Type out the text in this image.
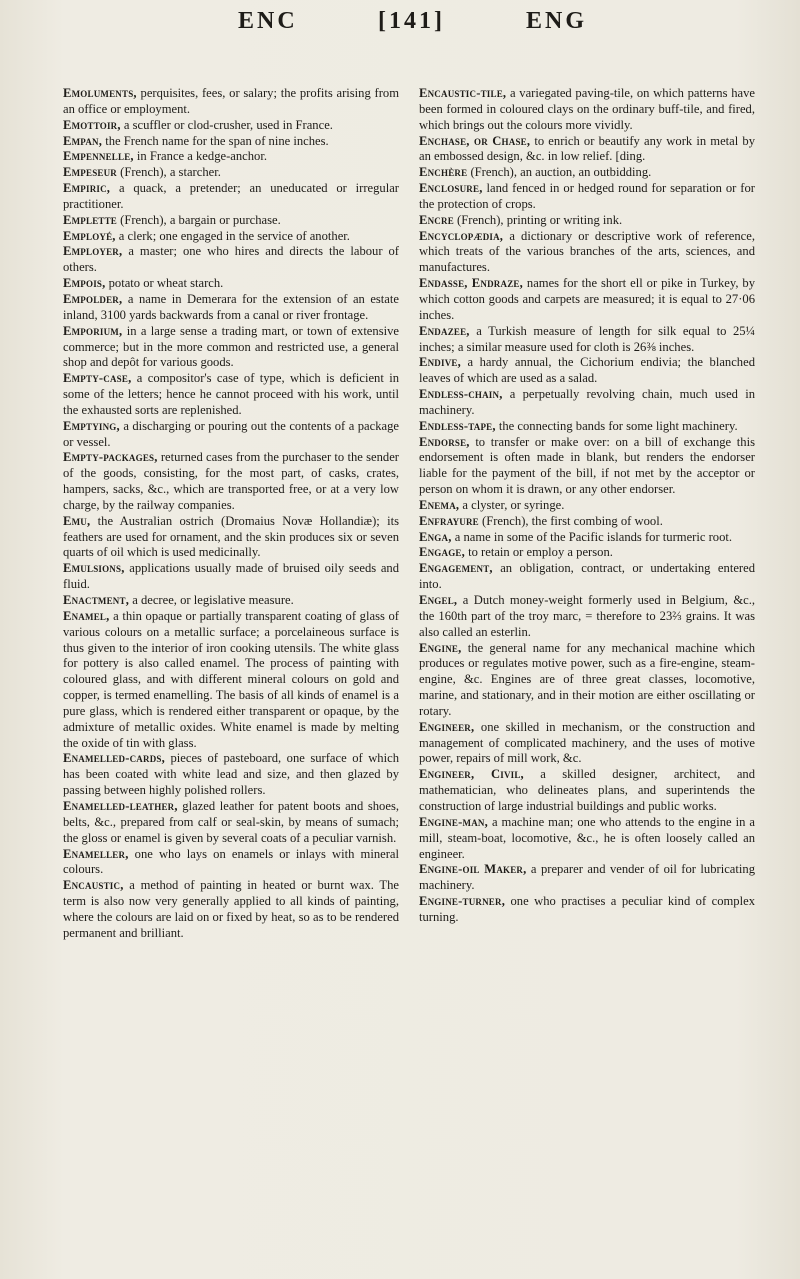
ENC	[141]	ENG

Emoluments, perquisites, fees, or salary; the profits arising from an office or employment.

Emottoir, a scuffler or clod-crusher, used in France.

Empan, the French name for the span of nine inches.

Empennelle, in France a kedge-anchor.

Empeseur (French), a starcher.

Empiric, a quack, a pretender; an uneducated or irregular practitioner.

Emplette (French), a bargain or purchase.

Employé, a clerk; one engaged in the service of another.

Employer, a master; one who hires and directs the labour of others.

Empois, potato or wheat starch.

Empolder, a name in Demerara for the extension of an estate inland, 3100 yards backwards from a canal or river frontage.

Emporium, in a large sense a trading mart, or town of extensive commerce; but in the more common and restricted use, a general shop and depôt for various goods.

Empty-case, a compositor's case of type, which is deficient in some of the letters; hence he cannot proceed with his work, until the exhausted sorts are replenished.

Emptying, a discharging or pouring out the contents of a package or vessel.

Empty-packages, returned cases from the purchaser to the sender of the goods, consisting, for the most part, of casks, crates, hampers, sacks, &c., which are transported free, or at a very low charge, by the railway companies.

Emu, the Australian ostrich (Dromaius Novæ Hollandiæ); its feathers are used for ornament, and the skin produces six or seven quarts of oil which is used medicinally.

Emulsions, applications usually made of bruised oily seeds and fluid.

Enactment, a decree, or legislative measure.

Enamel, a thin opaque or partially transparent coating of glass of various colours on a metallic surface; a porcelaineous surface is thus given to the interior of iron cooking utensils. The white glass for pottery is also called enamel. The process of painting with coloured glass, and with different mineral colours on gold and copper, is termed enamelling. The basis of all kinds of enamel is a pure glass, which is rendered either transparent or opaque, by the admixture of metallic oxides. White enamel is made by melting the oxide of tin with glass.

Enamelled-cards, pieces of pasteboard, one surface of which has been coated with white lead and size, and then glazed by passing between highly polished rollers.

Enamelled-leather, glazed leather for patent boots and shoes, belts, &c., prepared from calf or seal-skin, by means of sumach; the gloss or enamel is given by several coats of a peculiar varnish.

Enameller, one who lays on enamels or inlays with mineral colours.

Encaustic, a method of painting in heated or burnt wax. The term is also now very generally applied to all kinds of painting, where the colours are laid on or fixed by heat, so as to be rendered permanent and brilliant.

Encaustic-tile, a variegated paving-tile, on which patterns have been formed in coloured clays on the ordinary buff-tile, and fired, which brings out the colours more vividly.

Enchase, or Chase, to enrich or beautify any work in metal by an embossed design, &c. in low relief. [ding.

Enchère (French), an auction, an outbidding.

Enclosure, land fenced in or hedged round for separation or for the protection of crops.

Encre (French), printing or writing ink.

Encyclopædia, a dictionary or descriptive work of reference, which treats of the various branches of the arts, sciences, and manufactures.

Endasse, Endraze, names for the short ell or pike in Turkey, by which cotton goods and carpets are measured; it is equal to 27·06 inches.

Endazee, a Turkish measure of length for silk equal to 25¼ inches; a similar measure used for cloth is 26⅜ inches.

Endive, a hardy annual, the Cichorium endivia; the blanched leaves of which are used as a salad.

Endless-chain, a perpetually revolving chain, much used in machinery.

Endless-tape, the connecting bands for some light machinery.

Endorse, to transfer or make over: on a bill of exchange this endorsement is often made in blank, but renders the endorser liable for the payment of the bill, if not met by the acceptor or person on whom it is drawn, or any other endorser.

Enema, a clyster, or syringe.

Enfrayure (French), the first combing of wool.

Enga, a name in some of the Pacific islands for turmeric root.

Engage, to retain or employ a person.

Engagement, an obligation, contract, or undertaking entered into.

Engel, a Dutch money-weight formerly used in Belgium, &c., the 160th part of the troy marc, = therefore to 23⅔ grains. It was also called an esterlin.

Engine, the general name for any mechanical machine which produces or regulates motive power, such as a fire-engine, steam-engine, &c. Engines are of three great classes, locomotive, marine, and stationary, and in their motion are either oscillating or rotary.

Engineer, one skilled in mechanism, or the construction and management of complicated machinery, and the uses of motive power, repairs of mill work, &c.

Engineer, Civil, a skilled designer, architect, and mathematician, who delineates plans, and superintends the construction of large industrial buildings and public works.

Engine-man, a machine man; one who attends to the engine in a mill, steam-boat, locomotive, &c., he is often loosely called an engineer.

Engine-oil Maker, a preparer and vender of oil for lubricating machinery.

Engine-turner, one who practises a peculiar kind of complex turning.
